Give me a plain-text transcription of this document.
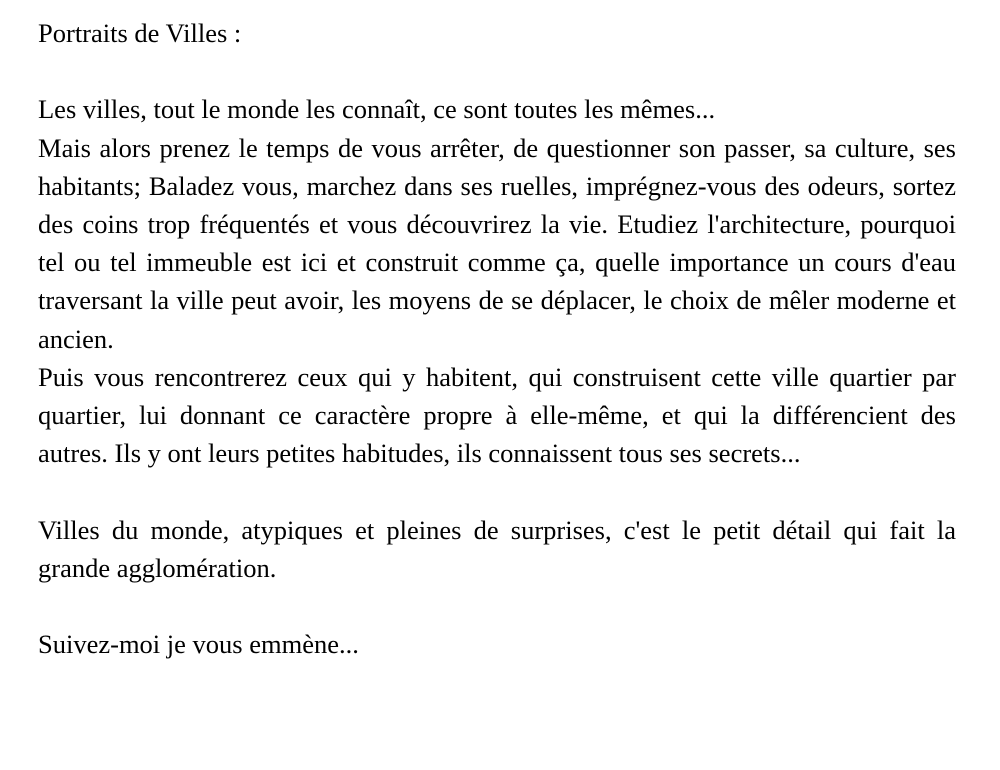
Portraits de Villes :

Les villes, tout le monde les connaît, ce sont toutes les mêmes...

Mais alors prenez le temps de vous arrêter, de questionner son passer, sa culture, ses habitants; Baladez vous, marchez dans ses ruelles, imprégnez-vous des odeurs, sortez des coins trop fréquentés et vous découvrirez la vie. Etudiez l'architecture, pourquoi tel ou tel immeuble est ici et construit comme ça, quelle importance un cours d'eau traversant la ville peut avoir, les moyens de se déplacer, le choix de mêler moderne et ancien.

Puis vous rencontrerez ceux qui y habitent, qui construisent cette ville quartier par quartier, lui donnant ce caractère propre à elle-même, et qui la différencient des autres. Ils y ont leurs petites habitudes, ils connaissent tous ses secrets...

Villes du monde, atypiques et pleines de surprises, c'est le petit détail qui fait la grande agglomération.

Suivez-moi je vous emmène...
